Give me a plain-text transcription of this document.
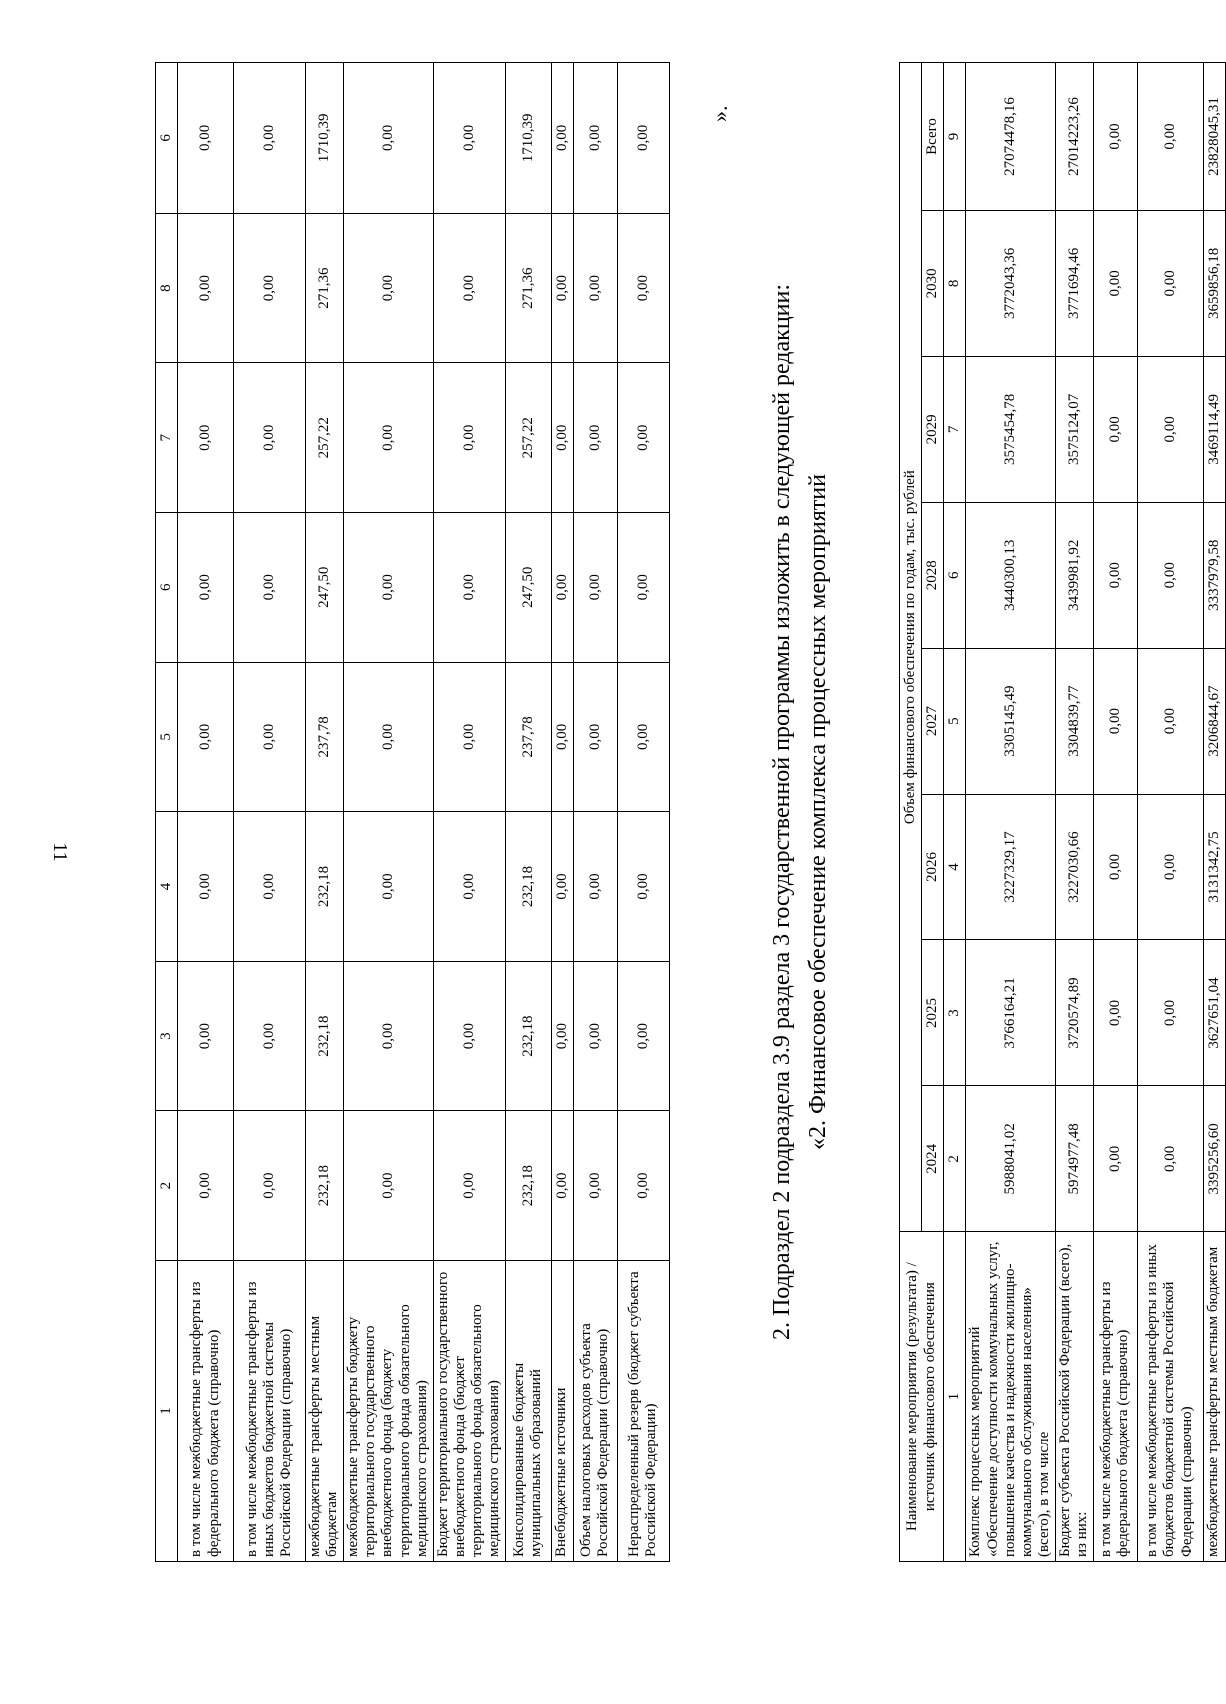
11
1	2	3	4	5	6	7	8	6
в том числе межбюджетные трансферты из федерального бюджета (справочно)	0,00	0,00	0,00	0,00	0,00	0,00	0,00	0,00
в том числе межбюджетные трансферты из иных бюджетов бюджетной системы Российской Федерации (справочно)	0,00	0,00	0,00	0,00	0,00	0,00	0,00	0,00
межбюджетные трансферты местным бюджетам	232,18	232,18	232,18	237,78	247,50	257,22	271,36	1710,39
межбюджетные трансферты бюджету территориального государственного внебюджетного фонда (бюджету территориального фонда обязательного медицинского страхования)	0,00	0,00	0,00	0,00	0,00	0,00	0,00	0,00
Бюджет территориального государственного внебюджетного фонда (бюджет территориального фонда обязательного медицинского страхования)	0,00	0,00	0,00	0,00	0,00	0,00	0,00	0,00
Консолидированные бюджеты муниципальных образований	232,18	232,18	232,18	237,78	247,50	257,22	271,36	1710,39
Внебюджетные источники	0,00	0,00	0,00	0,00	0,00	0,00	0,00	0,00
Объем налоговых расходов субъекта Российской Федерации (справочно)	0,00	0,00	0,00	0,00	0,00	0,00	0,00	0,00
Нераспределенный резерв (бюджет субъекта Российской Федерации)	0,00	0,00	0,00	0,00	0,00	0,00	0,00	0,00
».
2. Подраздел 2 подраздела 3.9 раздела 3 государственной программы изложить в следующей редакции: «2. Финансовое обеспечение комплекса процессных мероприятий
Наименование мероприятия (результата) / источник финансового обеспечения	Объем финансового обеспечения по годам, тыс. рублей							
	2024	2025	2026	2027	2028	2029	2030	Всего
1	2	3	4	5	6	7	8	9
Комплекс процессных мероприятий «Обеспечение доступности коммунальных услуг, повышение качества и надежности жилищно-коммунального обслуживания населения» (всего), в том числе	5988041,02	3766164,21	3227329,17	3305145,49	3440300,13	3575454,78	3772043,36	27074478,16
Бюджет субъекта Российской Федерации (всего), из них:	5974977,48	3720574,89	3227030,66	3304839,77	3439981,92	3575124,07	3771694,46	27014223,26
в том числе межбюджетные трансферты из федерального бюджета (справочно)	0,00	0,00	0,00	0,00	0,00	0,00	0,00	0,00
в том числе межбюджетные трансферты из иных бюджетов бюджетной системы Российской Федерации (справочно)	0,00	0,00	0,00	0,00	0,00	0,00	0,00	0,00
межбюджетные трансферты местным бюджетам	3395256,60	3627651,04	3131342,75	3206844,67	3337979,58	3469114,49	3659856,18	23828045,31
